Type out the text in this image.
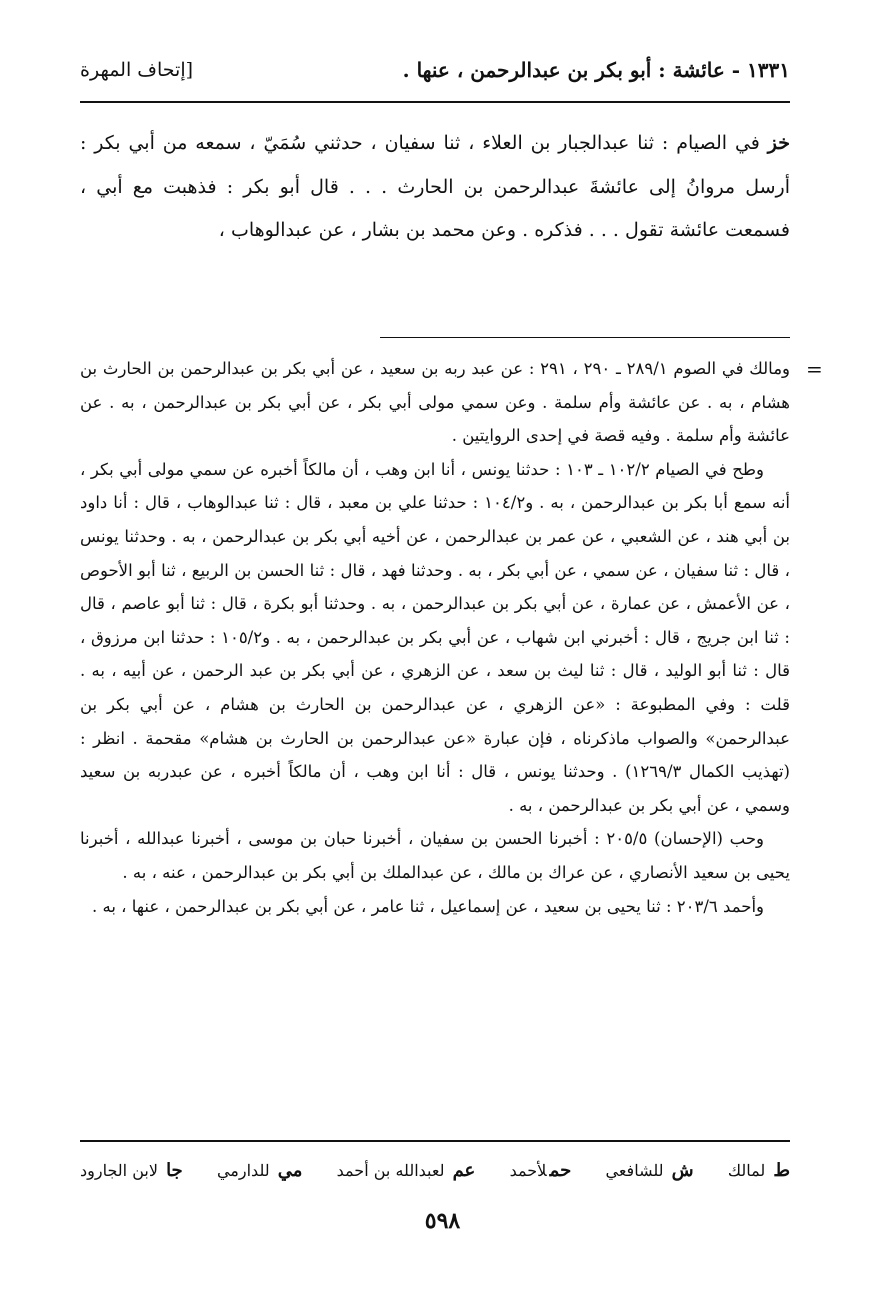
١٣٣١ - عائشة : أبو بكر بن عبدالرحمن ، عنها .
[إتحاف المهرة
خز في الصيام : ثنا عبدالجبار بن العلاء ، ثنا سفيان ، حدثني سُمَيّ ، سمعه من أبي بكر : أرسل مروانُ إلى عائشةَ عبدالرحمن بن الحارث . . . قال أبو بكر : فذهبت مع أبي ، فسمعت عائشة تقول . . . فذكره . وعن محمد بن بشار ، عن عبدالوهاب ،
=

ومالك في الصوم ٢٨٩/١ ـ ٢٩٠ ، ٢٩١ : عن عبد ربه بن سعيد ، عن أبي بكر بن عبدالرحمن بن الحارث بن هشام ، به . عن عائشة وأم سلمة . وعن سمي مولى أبي بكر ، عن أبي بكر بن عبدالرحمن ، به . عن عائشة وأم سلمة . وفيه قصة في إحدى الروايتين .

وطح في الصيام ١٠٢/٢ ـ ١٠٣ : حدثنا يونس ، أنا ابن وهب ، أن مالكاً أخبره عن سمي مولى أبي بكر ، أنه سمع أبا بكر بن عبدالرحمن ، به . و١٠٤/٢ : حدثنا علي بن معبد ، قال : ثنا عبدالوهاب ، قال : أنا داود بن أبي هند ، عن الشعبي ، عن عمر بن عبدالرحمن ، عن أخيه أبي بكر بن عبدالرحمن ، به . وحدثنا يونس ، قال : ثنا سفيان ، عن سمي ، عن أبي بكر ، به . وحدثنا فهد ، قال : ثنا الحسن بن الربيع ، ثنا أبو الأحوص ، عن الأعمش ، عن عمارة ، عن أبي بكر بن عبدالرحمن ، به . وحدثنا أبو بكرة ، قال : ثنا أبو عاصم ، قال : ثنا ابن جريج ، قال : أخبرني ابن شهاب ، عن أبي بكر بن عبدالرحمن ، به . و١٠٥/٢ : حدثنا ابن مرزوق ، قال : ثنا أبو الوليد ، قال : ثنا ليث بن سعد ، عن الزهري ، عن أبي بكر بن عبد الرحمن ، عن أبيه ، به . قلت : وفي المطبوعة : «عن الزهري ، عن عبدالرحمن بن الحارث بن هشام ، عن أبي بكر بن عبدالرحمن» والصواب ماذكرناه ، فإن عبارة «عن عبدالرحمن بن الحارث بن هشام» مقحمة . انظر : (تهذيب الكمال ١٢٦٩/٣) . وحدثنا يونس ، قال : أنا ابن وهب ، أن مالكاً أخبره ، عن عبدربه بن سعيد وسمي ، عن أبي بكر بن عبدالرحمن ، به .

وحب (الإحسان) ٢٠٥/٥ : أخبرنا الحسن بن سفيان ، أخبرنا حبان بن موسى ، أخبرنا عبدالله ، أخبرنا يحيى بن سعيد الأنصاري ، عن عراك بن مالك ، عن عبدالملك بن أبي بكر بن عبدالرحمن ، عنه ، به .

وأحمد ٢٠٣/٦ : ثنا يحيى بن سعيد ، عن إسماعيل ، ثنا عامر ، عن أبي بكر بن عبدالرحمن ، عنها ، به .

ط لمالك
ش للشافعي
حملأحمد
عم لعبدالله بن أحمد
مي للدارمي
جا لابن الجارود
٥٩٨
